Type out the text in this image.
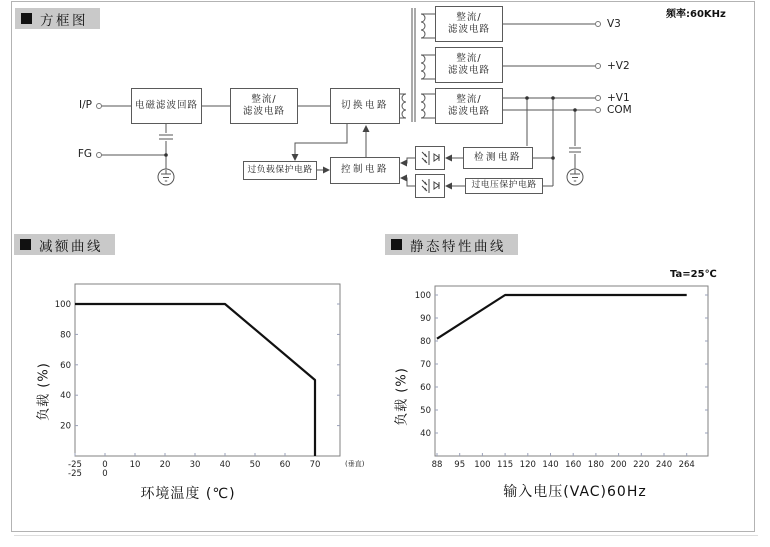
方框图	频率:60KHz
电磁滤波回路
整流/
滤波电路
切换电路
整流/
滤波电路
整流/
滤波电路
整流/
滤波电路
过负载保护电路	控制电路
检测电路
过电压保护电路
I/P
FG
V3
+V2
+V1
COM
减额曲线	静态特性曲线
-25 0	10 20 30 40 50 60 70
-25 0
(垂直)
20
40
60
80
100
负载 (%)
环境温度 (℃)
Ta=25℃
88 95 100 115 120 140 160 180 200 220 240 264
40
50
60
70
80
90
100
负载 (%)
输入电压(VAC)60Hz
